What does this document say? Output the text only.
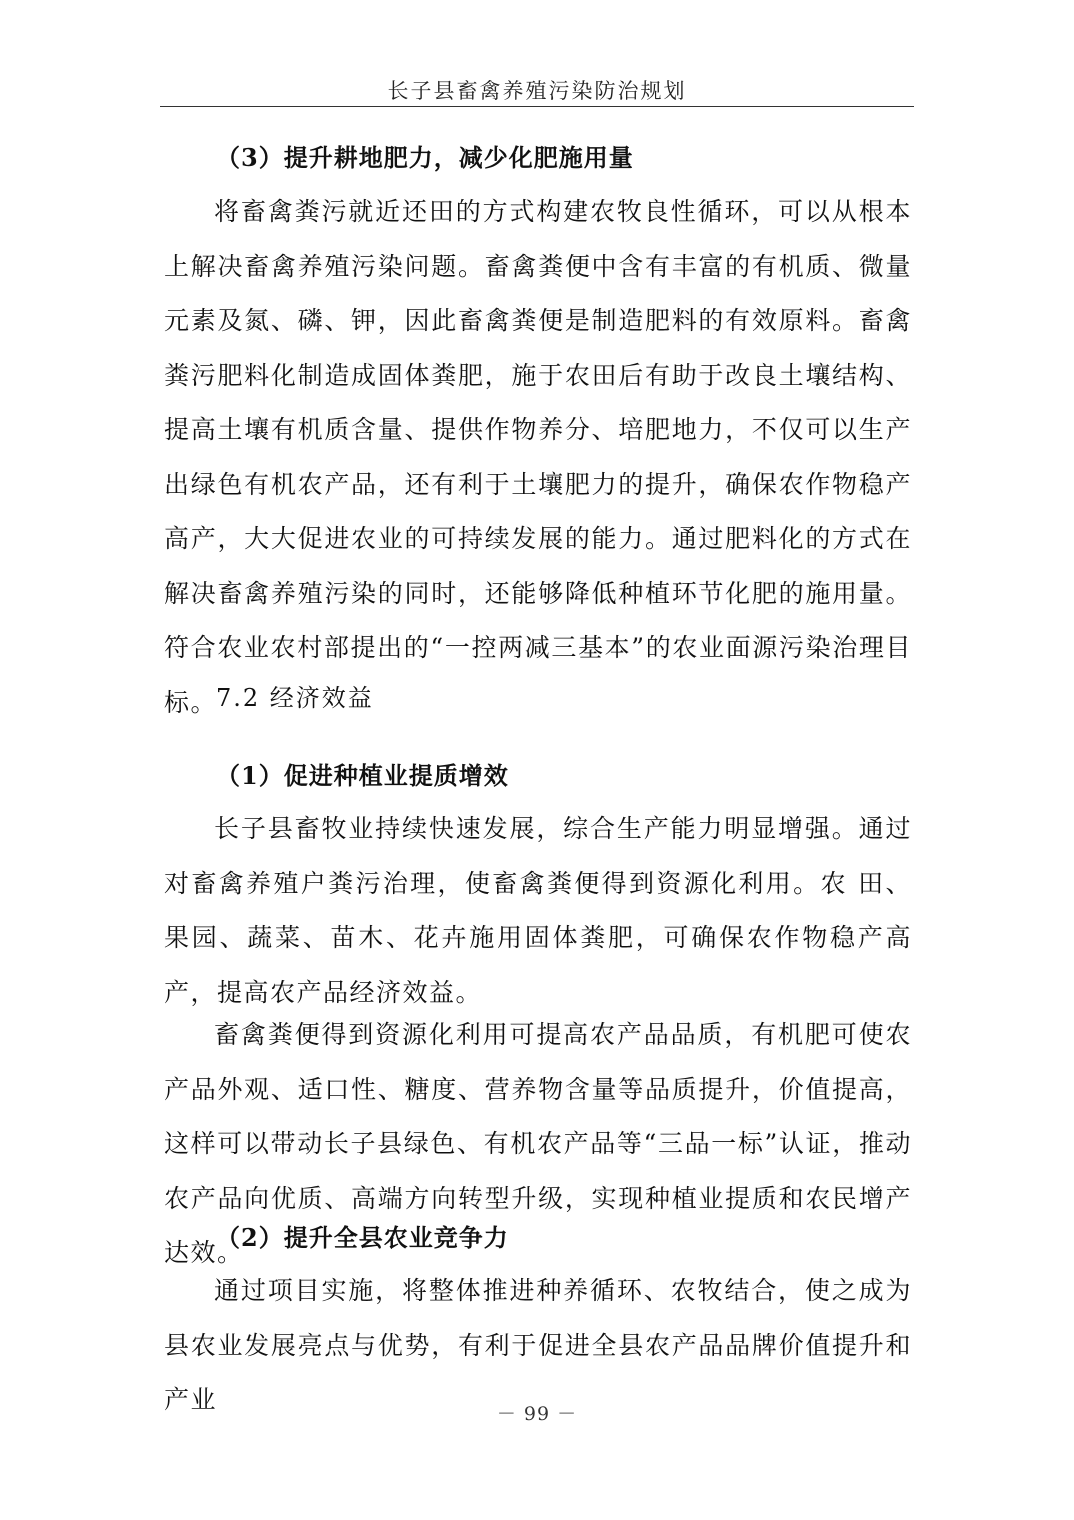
长子县畜禽养殖污染防治规划
（3）提升耕地肥力，减少化肥施用量

将畜禽粪污就近还田的方式构建农牧良性循环，可以从根本上解决畜禽养殖污染问题。畜禽粪便中含有丰富的有机质、微量元素及氮、磷、钾，因此畜禽粪便是制造肥料的有效原料。畜禽粪污肥料化制造成固体粪肥，施于农田后有助于改良土壤结构、提高土壤有机质含量、提供作物养分、培肥地力，不仅可以生产出绿色有机农产品，还有利于土壤肥力的提升，确保农作物稳产高产，大大促进农业的可持续发展的能力。通过肥料化的方式在解决畜禽养殖污染的同时，还能够降低种植环节化肥的施用量。符合农业农村部提出的“一控两减三基本”的农业面源污染治理目标。

7.2 经济效益
（1）促进种植业提质增效

长子县畜牧业持续快速发展，综合生产能力明显增强。通过对畜禽养殖户粪污治理，使畜禽粪便得到资源化利用。农 田、果园、蔬菜、苗木、花卉施用固体粪肥，可确保农作物稳产高产，提高农产品经济效益。

畜禽粪便得到资源化利用可提高农产品品质，有机肥可使农产品外观、适口性、糖度、营养物含量等品质提升，价值提高，这样可以带动长子县绿色、有机农产品等“三品一标”认证，推动农产品向优质、高端方向转型升级，实现种植业提质和农民增产达效。

（2）提升全县农业竞争力

通过项目实施，将整体推进种养循环、农牧结合，使之成为县农业发展亮点与优势，有利于促进全县农产品品牌价值提升和产业	－ 99 －
